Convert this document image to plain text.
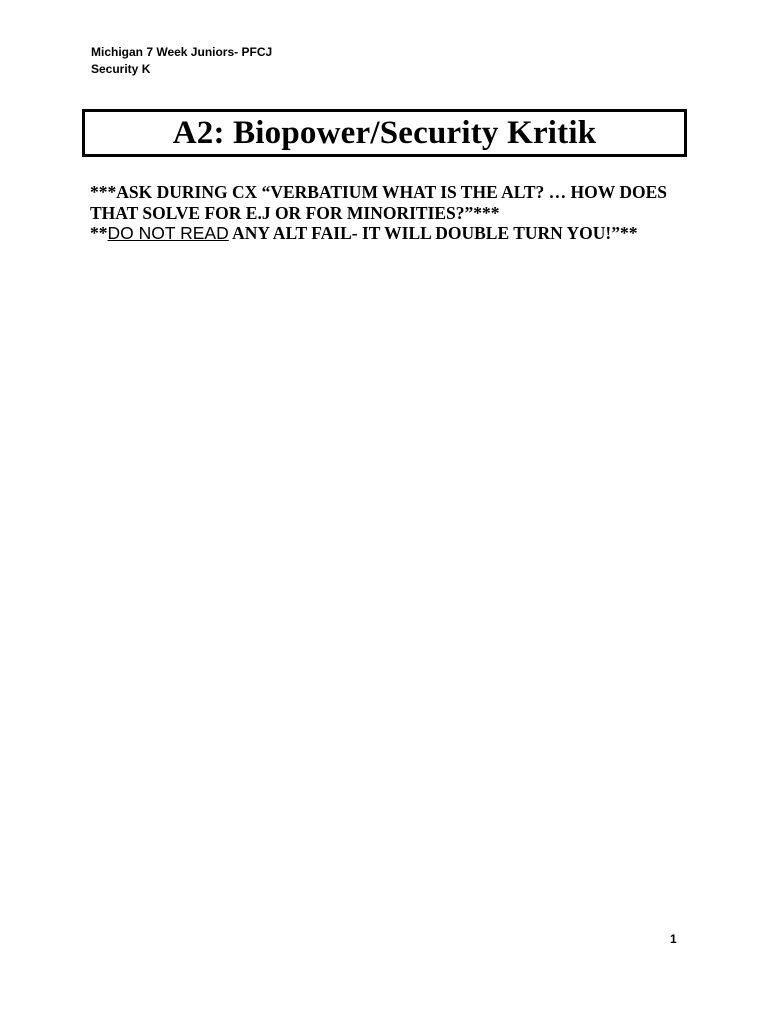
Michigan 7 Week Juniors- PFCJ
Security K
A2: Biopower/Security Kritik

***ASK DURING CX “VERBATIUM WHAT IS THE ALT? … HOW DOES THAT SOLVE FOR E.J OR FOR MINORITIES?”***

**DO NOT READ ANY ALT FAIL- IT WILL DOUBLE TURN YOU!”**

1
